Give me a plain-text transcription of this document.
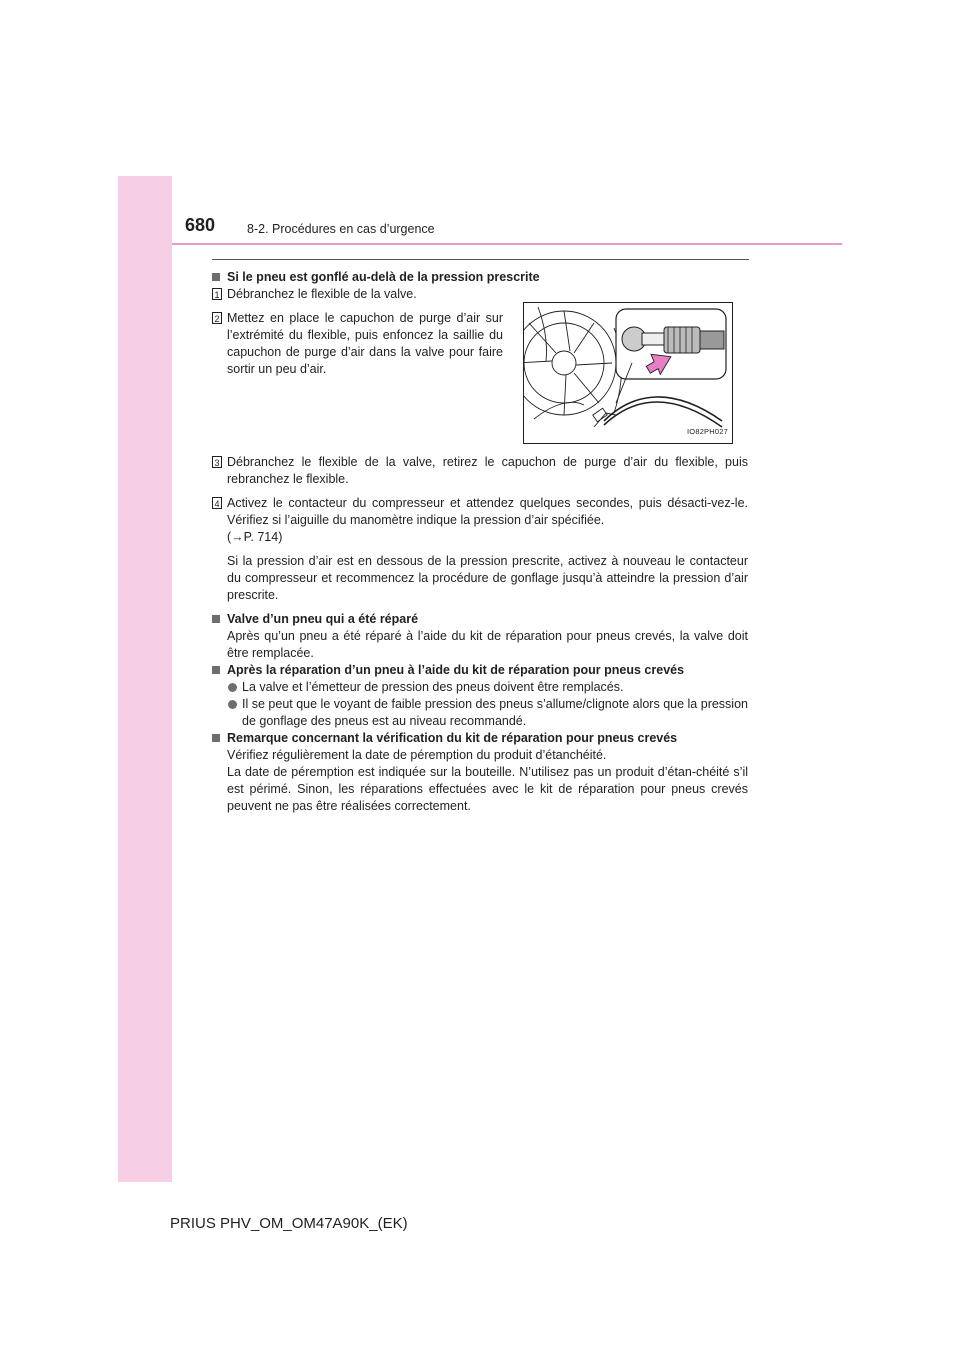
680	8-2. Procédures en cas d’urgence

Si le pneu est gonflé au-delà de la pression prescrite

1 Débranchez le flexible de la valve.
2 Mettez en place le capuchon de purge d’air sur l’extrémité du flexible, puis enfoncez la saillie du capuchon de purge d’air dans la valve pour faire sortir un peu d’air.
IO82PH027
3 Débranchez le flexible de la valve, retirez le capuchon de purge d’air du flexible, puis rebranchez le flexible.
4 Activez le contacteur du compresseur et attendez quelques secondes, puis désacti-vez-le. Vérifiez si l’aiguille du manomètre indique la pression d’air spécifiée.
(→P. 714)
Si la pression d’air est en dessous de la pression prescrite, activez à nouveau le contacteur du compresseur et recommencez la procédure de gonflage jusqu’à atteindre la pression d’air prescrite.

Valve d’un pneu qui a été réparé

Après qu’un pneu a été réparé à l’aide du kit de réparation pour pneus crevés, la valve doit être remplacée.

Après la réparation d’un pneu à l’aide du kit de réparation pour pneus crevés

La valve et l’émetteur de pression des pneus doivent être remplacés.

Il se peut que le voyant de faible pression des pneus s’allume/clignote alors que la pression de gonflage des pneus est au niveau recommandé.

Remarque concernant la vérification du kit de réparation pour pneus crevés

Vérifiez régulièrement la date de péremption du produit d’étanchéité.

La date de péremption est indiquée sur la bouteille. N’utilisez pas un produit d’étan-chéité s’il est périmé. Sinon, les réparations effectuées avec le kit de réparation pour pneus crevés peuvent ne pas être réalisées correctement.

PRIUS PHV_OM_OM47A90K_(EK)
